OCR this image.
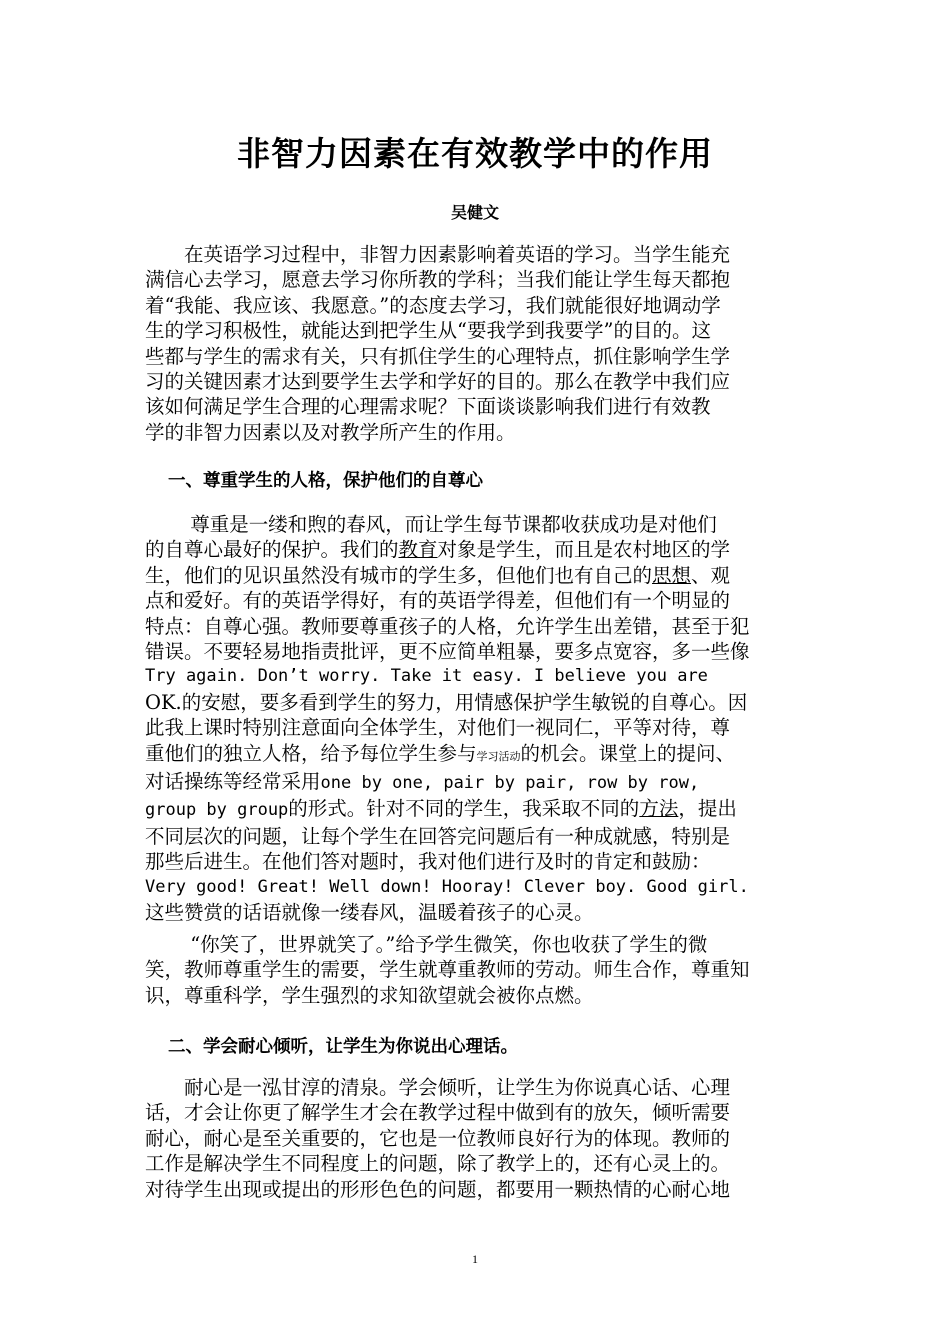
非智力因素在有效教学中的作用
吴健文
　　在英语学习过程中，非智力因素影响着英语的学习。当学生能充
满信心去学习，愿意去学习你所教的学科；当我们能让学生每天都抱
着“我能、我应该、我愿意。”的态度去学习，我们就能很好地调动学
生的学习积极性，就能达到把学生从“要我学到我要学”的目的。这
些都与学生的需求有关，只有抓住学生的心理特点，抓住影响学生学
习的关键因素才达到要学生去学和学好的目的。那么在教学中我们应
该如何满足学生合理的心理需求呢？下面谈谈影响我们进行有效教
学的非智力因素以及对教学所产生的作用。
一、尊重学生的人格，保护他们的自尊心
　　 尊重是一缕和煦的春风，而让学生每节课都收获成功是对他们
的自尊心最好的保护。我们的教育对象是学生，而且是农村地区的学
生，他们的见识虽然没有城市的学生多，但他们也有自己的思想、观
点和爱好。有的英语学得好，有的英语学得差，但他们有一个明显的
特点：自尊心强。教师要尊重孩子的人格，允许学生出差错，甚至于犯
错误。不要轻易地指责批评，更不应简单粗暴，要多点宽容，多一些像
Try again. Don’t worry. Take it easy. I believe you are
OK.的安慰，要多看到学生的努力，用情感保护学生敏锐的自尊心。因
此我上课时特别注意面向全体学生，对他们一视同仁，平等对待，尊
重他们的独立人格，给予每位学生参与学习活动的机会。课堂上的提问、
对话操练等经常采用one by one, pair by pair, row by row,
group by group的形式。针对不同的学生，我采取不同的方法，提出
不同层次的问题，让每个学生在回答完问题后有一种成就感，特别是
那些后进生。在他们答对题时，我对他们进行及时的肯定和鼓励：
Very good! Great! Well down! Hooray! Clever boy. Good girl.
这些赞赏的话语就像一缕春风，温暖着孩子的心灵。
　　 “你笑了，世界就笑了。”给予学生微笑，你也收获了学生的微
笑，教师尊重学生的需要，学生就尊重教师的劳动。师生合作，尊重知
识，尊重科学，学生强烈的求知欲望就会被你点燃。
二、学会耐心倾听，让学生为你说出心理话。
　　耐心是一泓甘淳的清泉。学会倾听，让学生为你说真心话、心理
话，才会让你更了解学生才会在教学过程中做到有的放矢，倾听需要
耐心，耐心是至关重要的，它也是一位教师良好行为的体现。教师的
工作是解决学生不同程度上的问题，除了教学上的，还有心灵上的。
对待学生出现或提出的形形色色的问题，都要用一颗热情的心耐心地
1
